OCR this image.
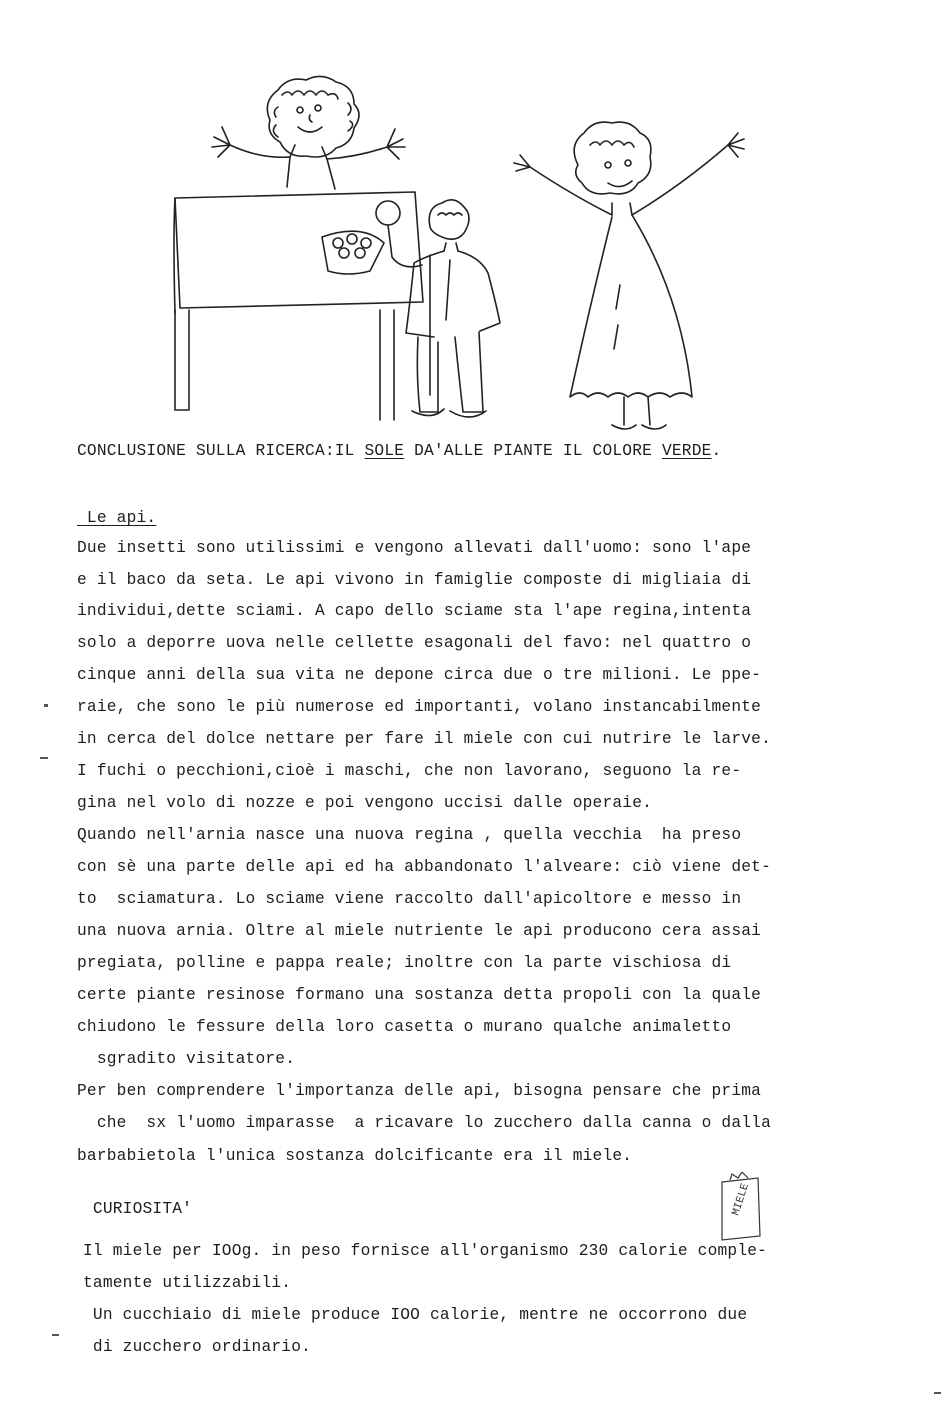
CONCLUSIONE SULLA RICERCA:IL SOLE DA'ALLE PIANTE IL COLORE VERDE.
Le api.
Due insetti sono utilissimi e vengono allevati dall'uomo: sono l'ape
e il baco da seta. Le api vivono in famiglie composte di migliaia di
individui,dette sciami. A capo dello sciame sta l'ape regina,intenta
solo a deporre uova nelle cellette esagonali del favo: nel quattro o
cinque anni della sua vita ne depone circa due o tre milioni. Le ppe-
raie, che sono le più numerose ed importanti, volano instancabilmente
in cerca del dolce nettare per fare il miele con cui nutrire le larve.
I fuchi o pecchioni,cioè i maschi, che non lavorano, seguono la re-
gina nel volo di nozze e poi vengono uccisi dalle operaie.
Quando nell'arnia nasce una nuova regina , quella vecchia  ha preso
con sè una parte delle api ed ha abbandonato l'alveare: ciò viene det-
to  sciamatura. Lo sciame viene raccolto dall'apicoltore e messo in
una nuova arnia. Oltre al miele nutriente le api producono cera assai
pregiata, polline e pappa reale; inoltre con la parte vischiosa di
certe piante resinose formano una sostanza detta propoli con la quale
chiudono le fessure della loro casetta o murano qualche animaletto
sgradito visitatore.
Per ben comprendere l'importanza delle api, bisogna pensare che prima
che  sx l'uomo imparasse  a ricavare lo zucchero dalla canna o dalla
barbabietola l'unica sostanza dolcificante era il miele.
CURIOSITA'	MIELE
Il miele per IOOg. in peso fornisce all'organismo 230 calorie comple-
tamente utilizzabili.
Un cucchiaio di miele produce IOO calorie, mentre ne occorrono due
di zucchero ordinario.
